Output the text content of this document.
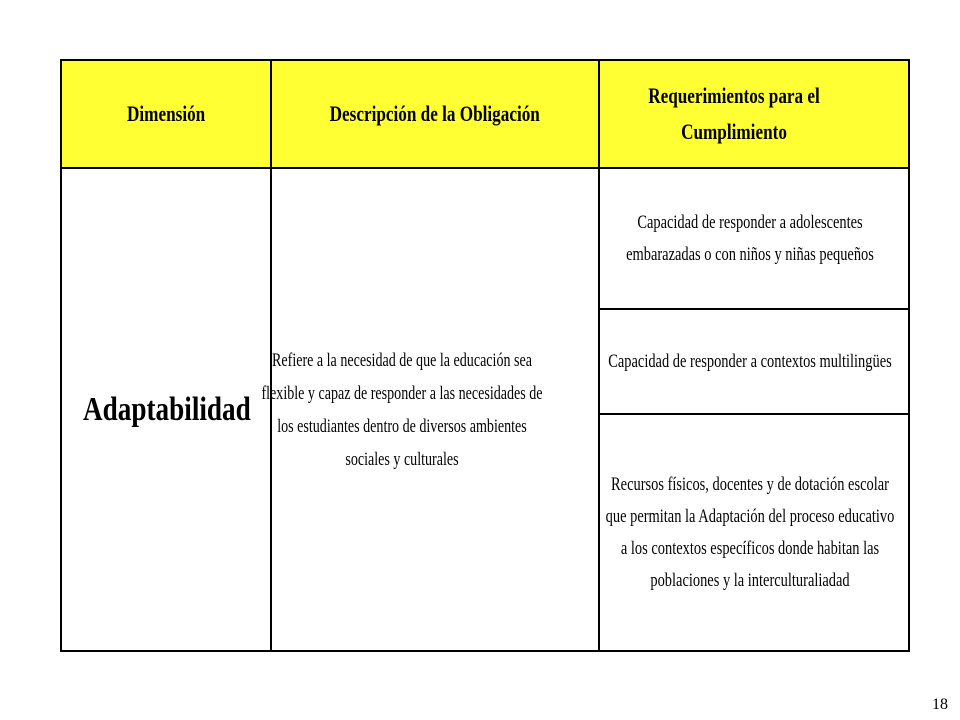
Dimensión	Descripción de la Obligación	Requerimientos para el Cumplimiento
Adaptabilidad	Refiere a la necesidad de que la educación sea flexible y capaz de responder a las necesidades de los estudiantes dentro de diversos ambientes sociales y culturales	Capacidad de responder a adolescentes embarazadas o con niños y niñas pequeños
		Capacidad de responder a contextos multilingües
		Recursos físicos, docentes y de dotación escolar que permitan la Adaptación del proceso educativo a los contextos específicos donde habitan las poblaciones y la interculturaliadad
18
